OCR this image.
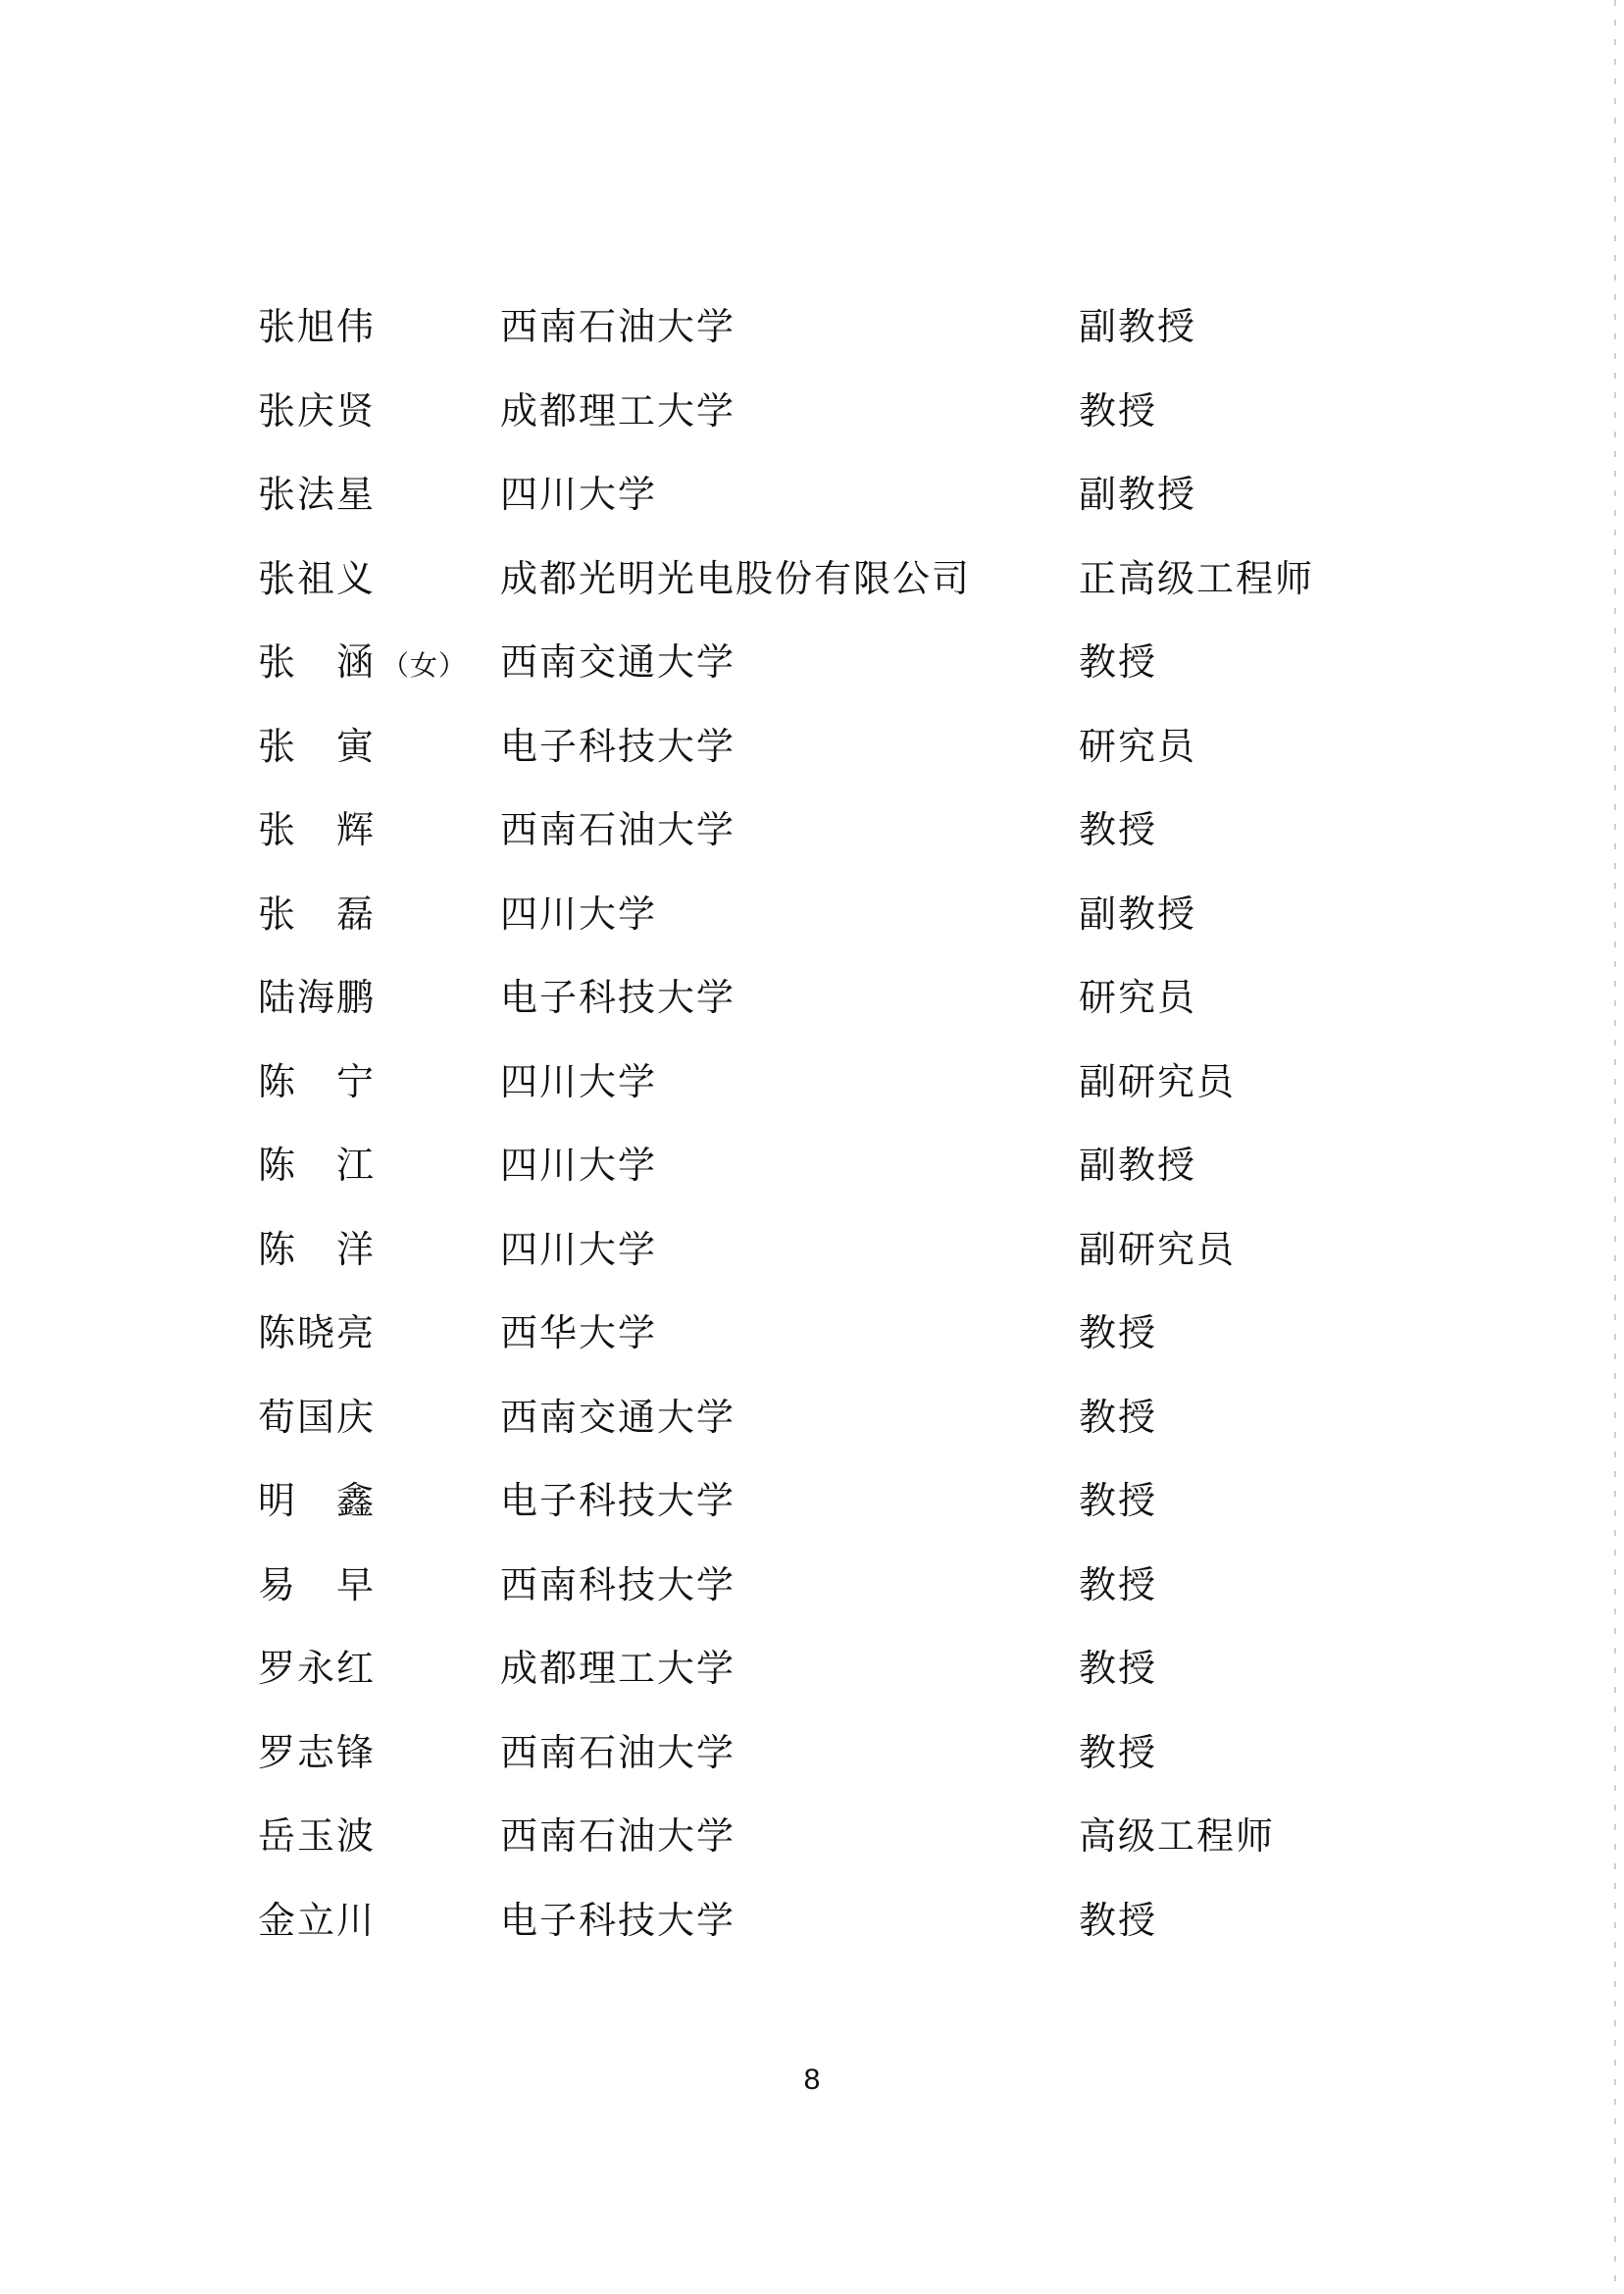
张旭伟	西南石油大学	副教授
张庆贤	成都理工大学	教授
张法星	四川大学	副教授
张祖义	成都光明光电股份有限公司	正高级工程师
张　涵 （女） 西南交通大学	教授
张　寅	电子科技大学	研究员
张　辉	西南石油大学	教授
张　磊	四川大学	副教授
陆海鹏	电子科技大学	研究员
陈　宁	四川大学	副研究员
陈　江	四川大学	副教授
陈　洋	四川大学	副研究员
陈晓亮	西华大学	教授
荀国庆	西南交通大学	教授
明　鑫	电子科技大学	教授
易　早	西南科技大学	教授
罗永红	成都理工大学	教授
罗志锋	西南石油大学	教授
岳玉波	西南石油大学	高级工程师
金立川	电子科技大学	教授
8
